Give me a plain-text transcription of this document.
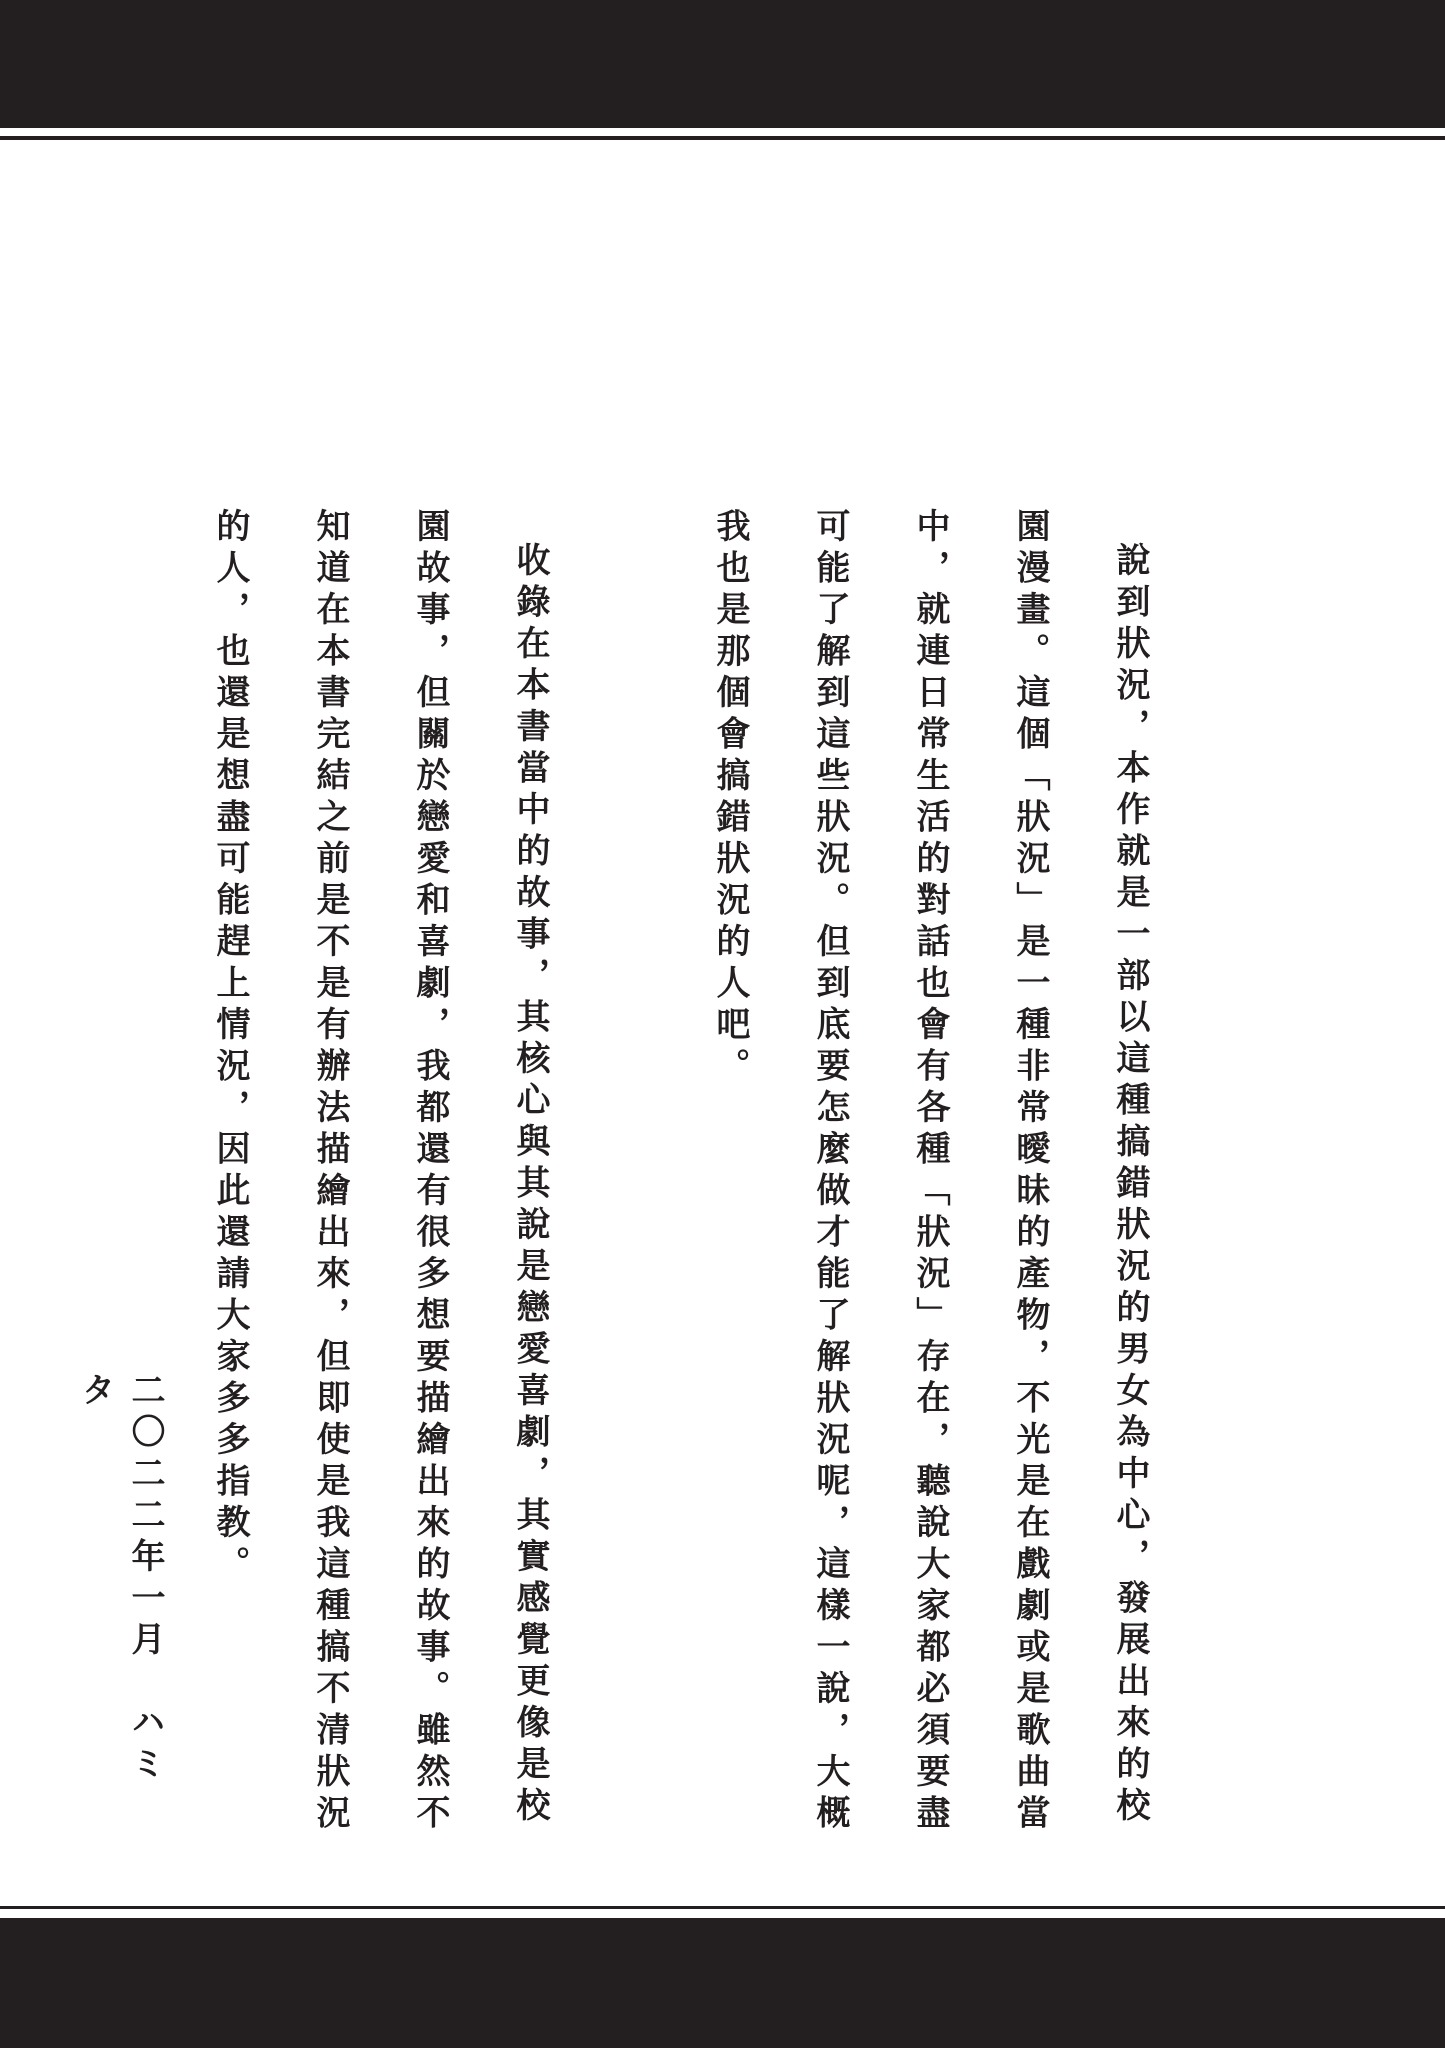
說到狀況，本作就是一部以這種搞錯狀況的男女為中心，發展出來的校園漫畫。這個「狀況」是一種非常曖昧的產物，不光是在戲劇或是歌曲當中，就連日常生活的對話也會有各種「狀況」存在，聽說大家都必須要盡可能了解到這些狀況。但到底要怎麼做才能了解狀況呢，這樣一說，大概我也是那個會搞錯狀況的人吧。

收錄在本書當中的故事，其核心與其說是戀愛喜劇，其實感覺更像是校園故事，但關於戀愛和喜劇，我都還有很多想要描繪出來的故事。雖然不知道在本書完結之前是不是有辦法描繪出來，但即使是我這種搞不清狀況的人，也還是想盡可能趕上情況，因此還請大家多多指教。

二〇二二年一月　ハミタ
